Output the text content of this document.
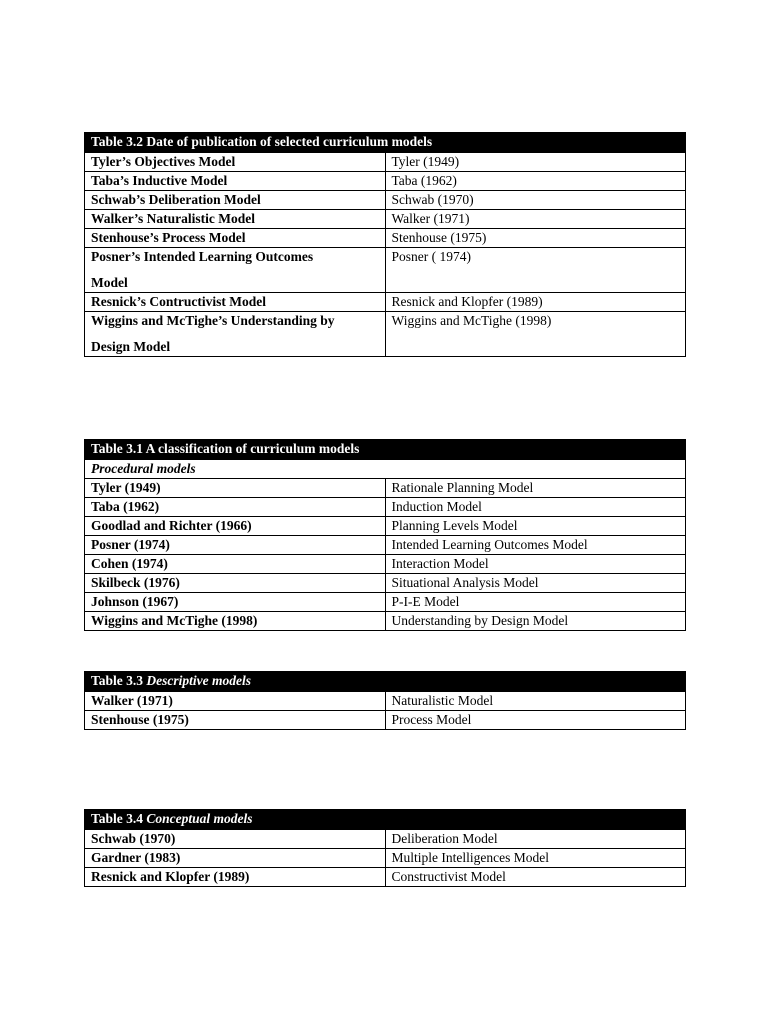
Table 3.2 Date of publication of selected curriculum models	
Tyler’s Objectives Model	Tyler (1949)
Taba’s Inductive Model	Taba (1962)
Schwab’s Deliberation Model	Schwab (1970)
Walker’s Naturalistic Model	Walker (1971)
Stenhouse’s Process Model	Stenhouse (1975)

Posner’s Intended Learning Outcomes
Model	Posner ( 1974)
Resnick’s Contructivist Model	Resnick and Klopfer (1989)

Wiggins and McTighe’s Understanding by
Design Model	Wiggins and McTighe (1998)
Table 3.1 A classification of curriculum models	
Procedural models	
Tyler (1949)	Rationale Planning Model
Taba (1962)	Induction Model
Goodlad and Richter (1966)	Planning Levels Model
Posner (1974)	Intended Learning Outcomes Model
Cohen (1974)	Interaction Model
Skilbeck (1976)	Situational Analysis Model
Johnson (1967)	P-I-E Model
Wiggins and McTighe (1998)	Understanding by Design Model
Table 3.3 Descriptive models	
Walker (1971)	Naturalistic Model
Stenhouse (1975)	Process Model
Table 3.4 Conceptual models	
Schwab (1970)	Deliberation Model
Gardner (1983)	Multiple Intelligences Model
Resnick and Klopfer (1989)	Constructivist Model
